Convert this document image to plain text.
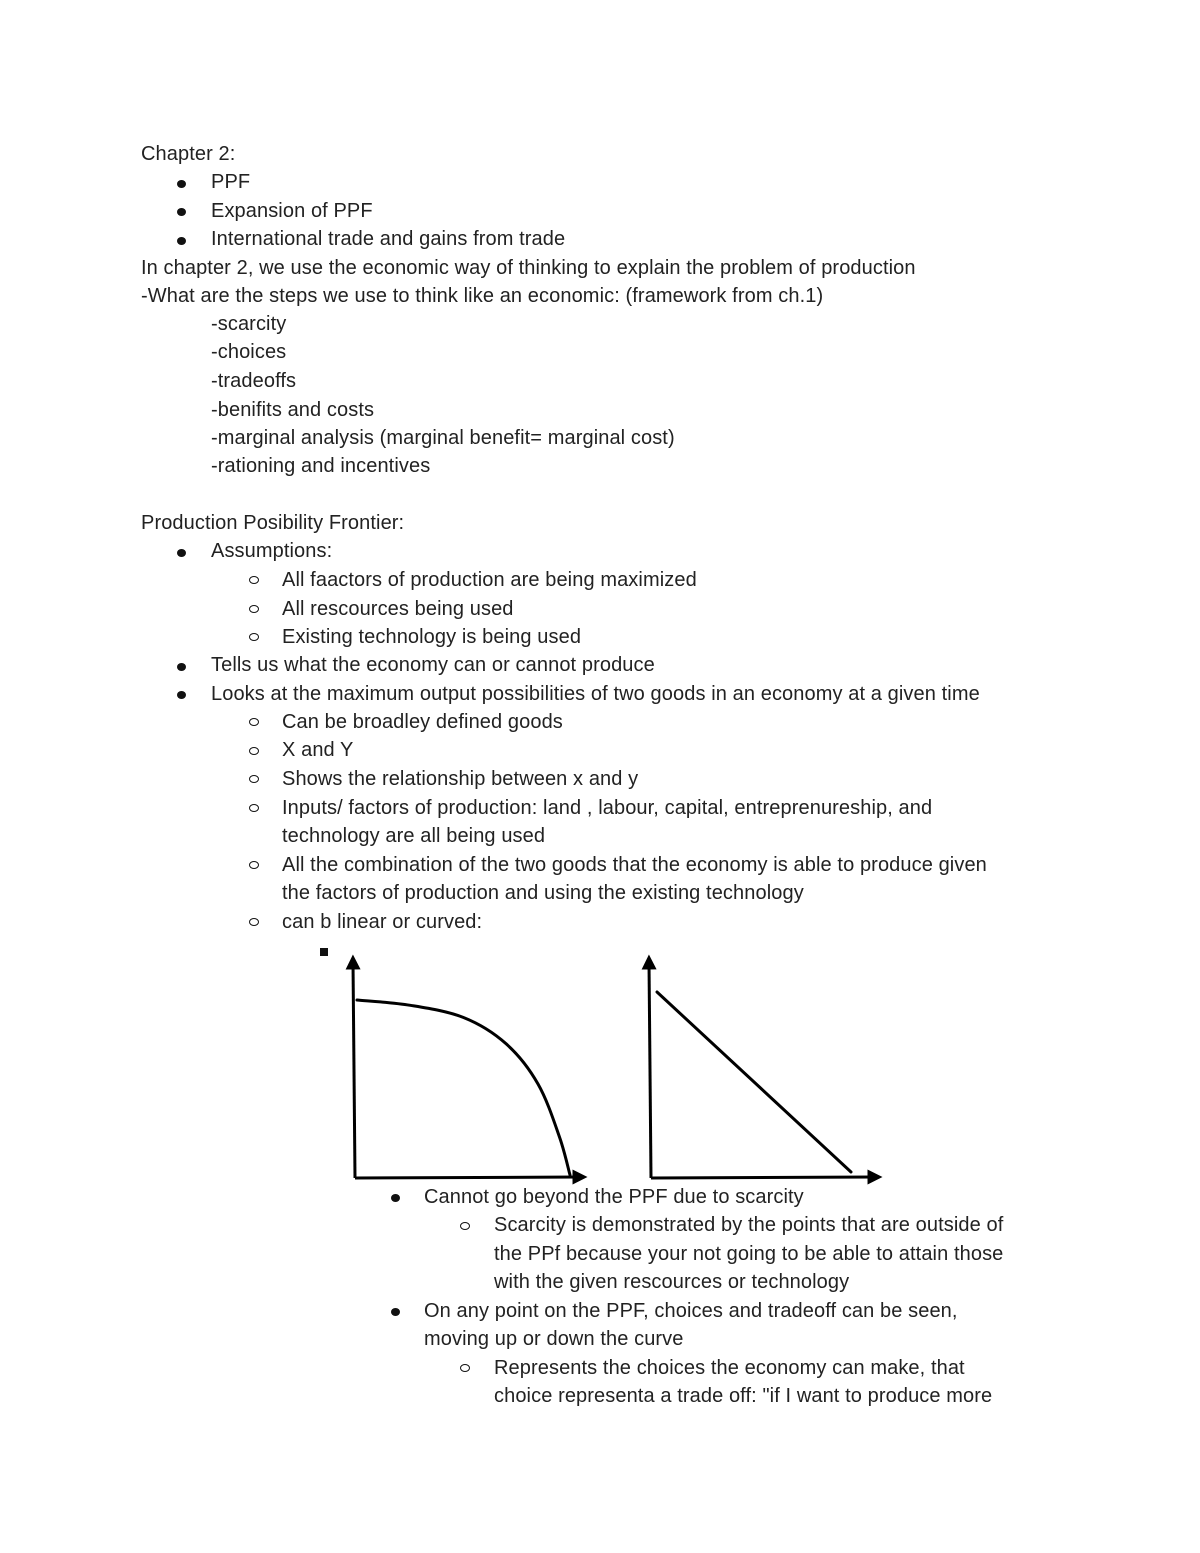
Chapter 2:
PPF
Expansion of PPF
International trade and gains from trade
In chapter 2, we use the economic way of thinking to explain the problem of production
-What are the steps we use to think like an economic: (framework from ch.1)
-scarcity
-choices
-tradeoffs
-benifits and costs
-marginal analysis (marginal benefit= marginal cost)
-rationing and incentives
Production Posibility Frontier:
Assumptions:
All faactors of production are being maximized
All rescources being used
Existing technology is being used
Tells us what the economy can or cannot produce
Looks at the maximum output possibilities of two goods in an economy at a given time
Can be broadley defined goods
X and Y
Shows the relationship between x and y
Inputs/ factors of production: land , labour, capital, entreprenureship, and
technology are all being used
All the combination of the two goods that the economy is able to produce given
the factors of production and using the existing technology
can b linear or curved:
Cannot go beyond the PPF due to scarcity
Scarcity is demonstrated by the points that are outside of
the PPf because your not going to be able to attain those
with the given rescources or technology
On any point on the PPF, choices and tradeoff can be seen,
moving up or down the curve
Represents the choices the economy can make, that
choice representa a trade off: "if I want to produce more
